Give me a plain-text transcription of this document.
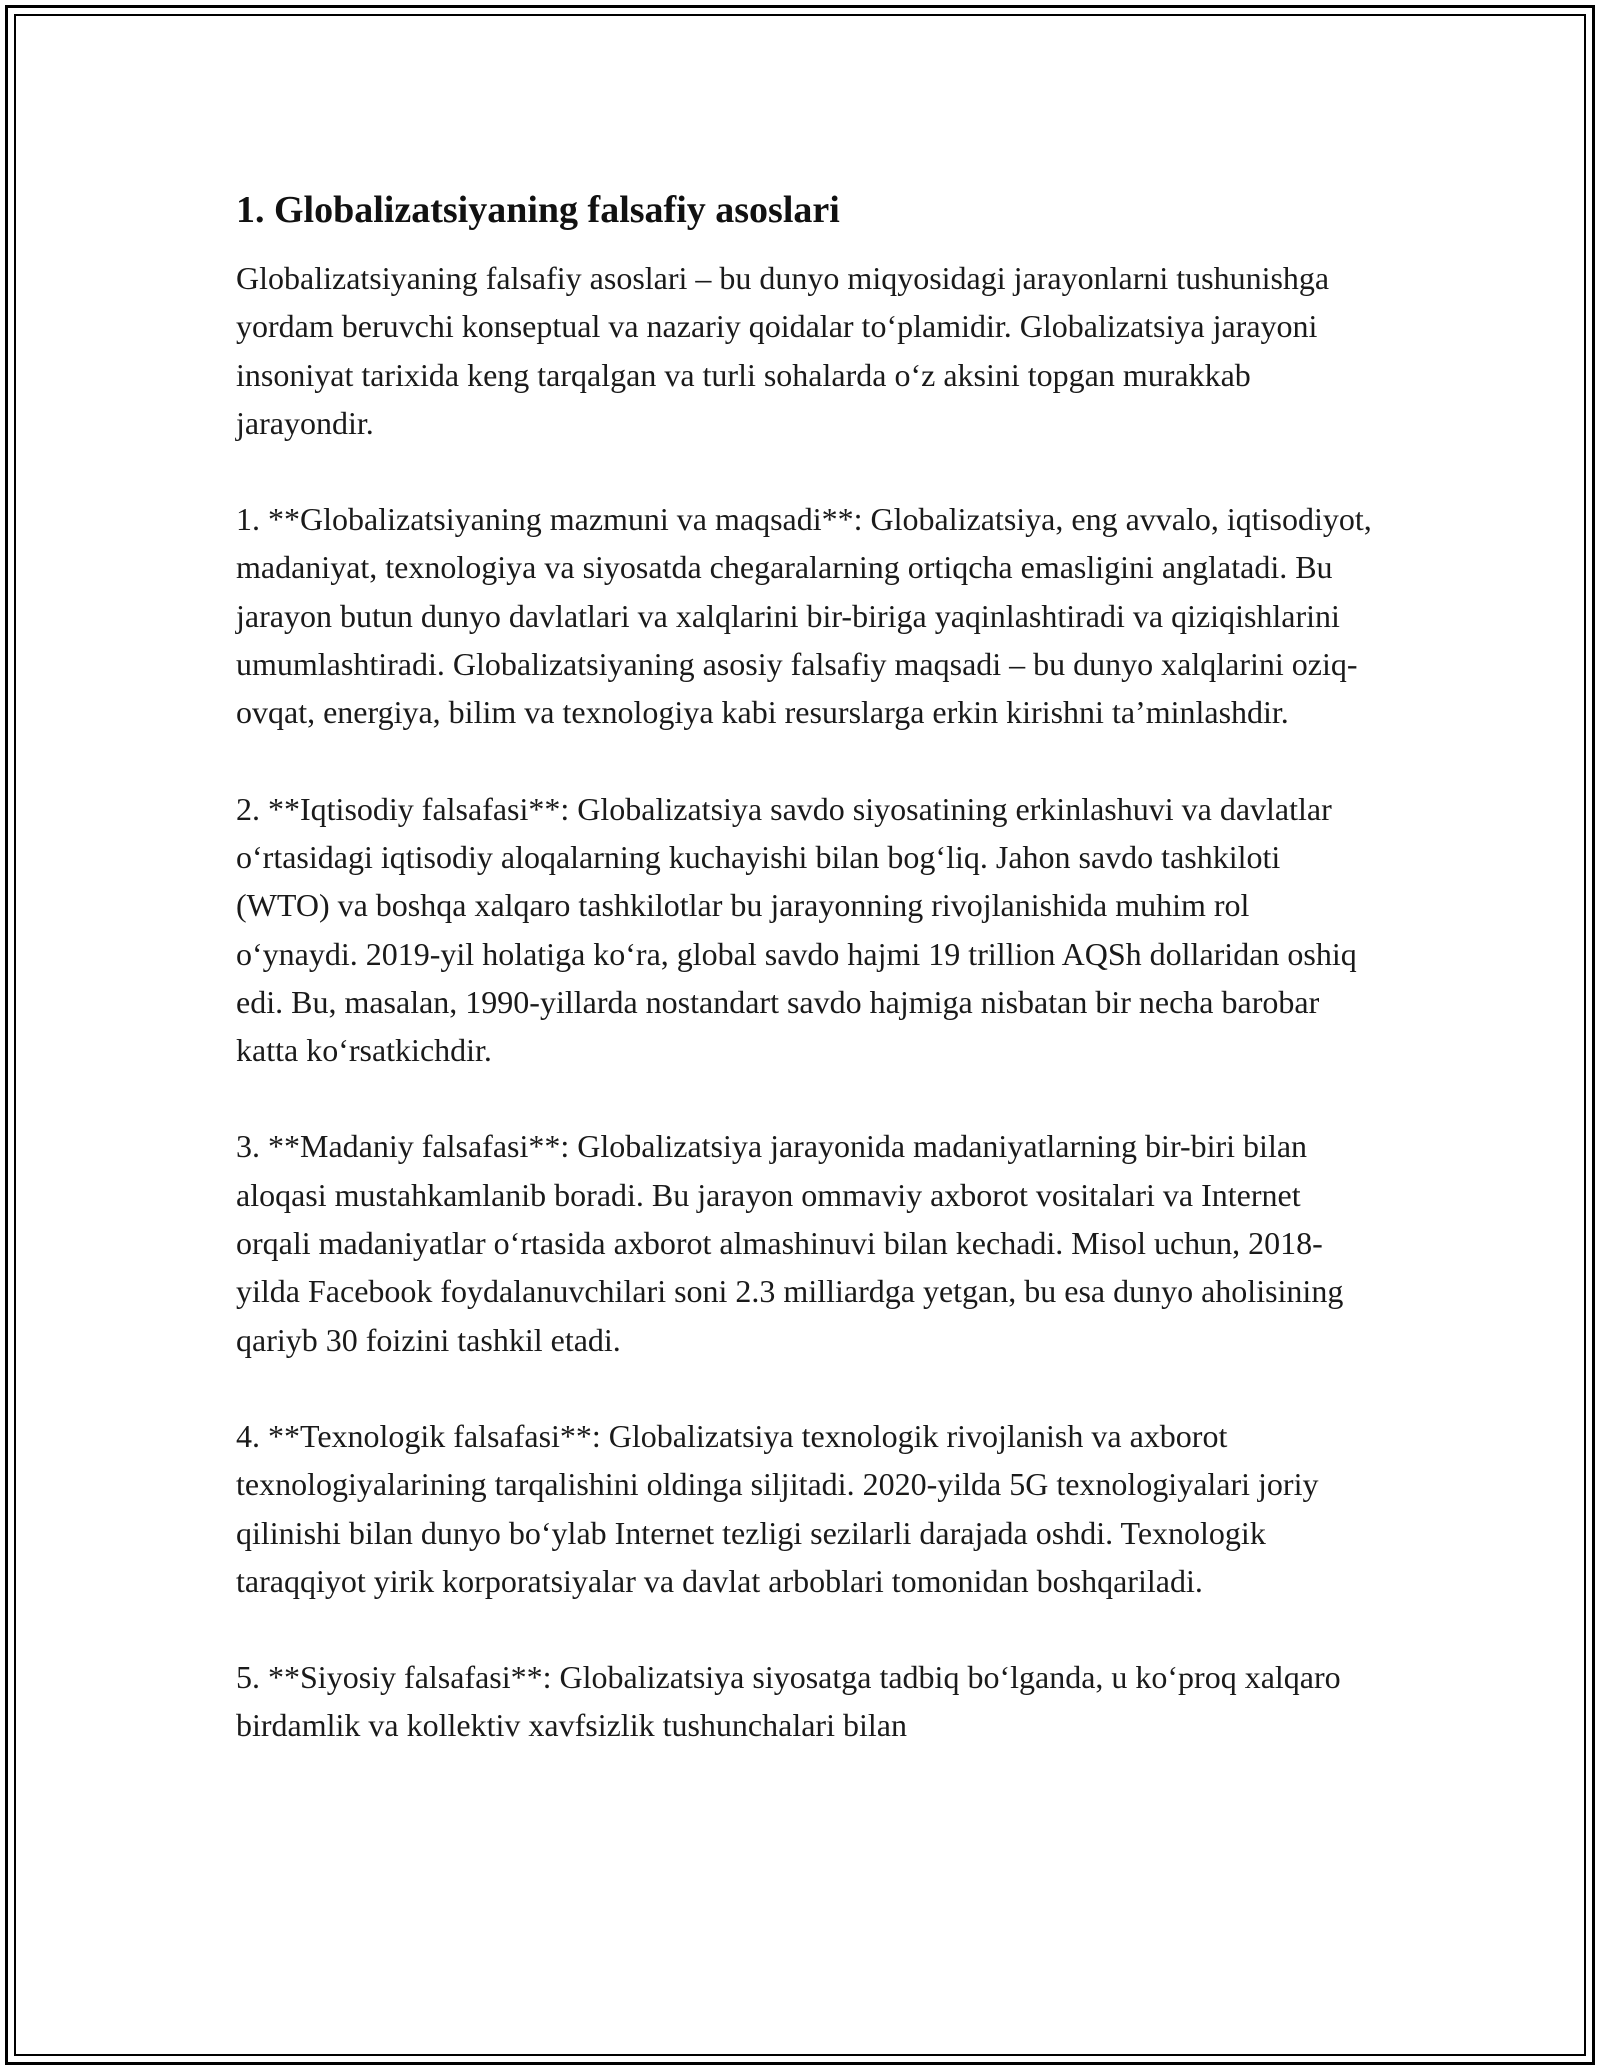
1. Globalizatsiyaning falsafiy asoslari

Globalizatsiyaning falsafiy asoslari – bu dunyo miqyosidagi jarayonlarni tushunishga yordam beruvchi konseptual va nazariy qoidalar to‘plamidir. Globalizatsiya jarayoni insoniyat tarixida keng tarqalgan va turli sohalarda o‘z aksini topgan murakkab jarayondir.

1. **Globalizatsiyaning mazmuni va maqsadi**: Globalizatsiya, eng avvalo, iqtisodiyot, madaniyat, texnologiya va siyosatda chegaralarning ortiqcha emasligini anglatadi. Bu jarayon butun dunyo davlatlari va xalqlarini bir-biriga yaqinlashtiradi va qiziqishlarini umumlashtiradi. Globalizatsiyaning asosiy falsafiy maqsadi – bu dunyo xalqlarini oziq-ovqat, energiya, bilim va texnologiya kabi resurslarga erkin kirishni ta’minlashdir.

2. **Iqtisodiy falsafasi**: Globalizatsiya savdo siyosatining erkinlashuvi va davlatlar o‘rtasidagi iqtisodiy aloqalarning kuchayishi bilan bog‘liq. Jahon savdo tashkiloti (WTO) va boshqa xalqaro tashkilotlar bu jarayonning rivojlanishida muhim rol o‘ynaydi. 2019-yil holatiga ko‘ra, global savdo hajmi 19 trillion AQSh dollaridan oshiq edi. Bu, masalan, 1990-yillarda nostandart savdo hajmiga nisbatan bir necha barobar katta ko‘rsatkichdir.

3. **Madaniy falsafasi**: Globalizatsiya jarayonida madaniyatlarning bir-biri bilan aloqasi mustahkamlanib boradi. Bu jarayon ommaviy axborot vositalari va Internet orqali madaniyatlar o‘rtasida axborot almashinuvi bilan kechadi. Misol uchun, 2018-yilda Facebook foydalanuvchilari soni 2.3 milliardga yetgan, bu esa dunyo aholisining qariyb 30 foizini tashkil etadi.

4. **Texnologik falsafasi**: Globalizatsiya texnologik rivojlanish va axborot texnologiyalarining tarqalishini oldinga siljitadi. 2020-yilda 5G texnologiyalari joriy qilinishi bilan dunyo bo‘ylab Internet tezligi sezilarli darajada oshdi. Texnologik taraqqiyot yirik korporatsiyalar va davlat arboblari tomonidan boshqariladi.

5. **Siyosiy falsafasi**: Globalizatsiya siyosatga tadbiq bo‘lganda, u ko‘proq xalqaro birdamlik va kollektiv xavfsizlik tushunchalari bilan
